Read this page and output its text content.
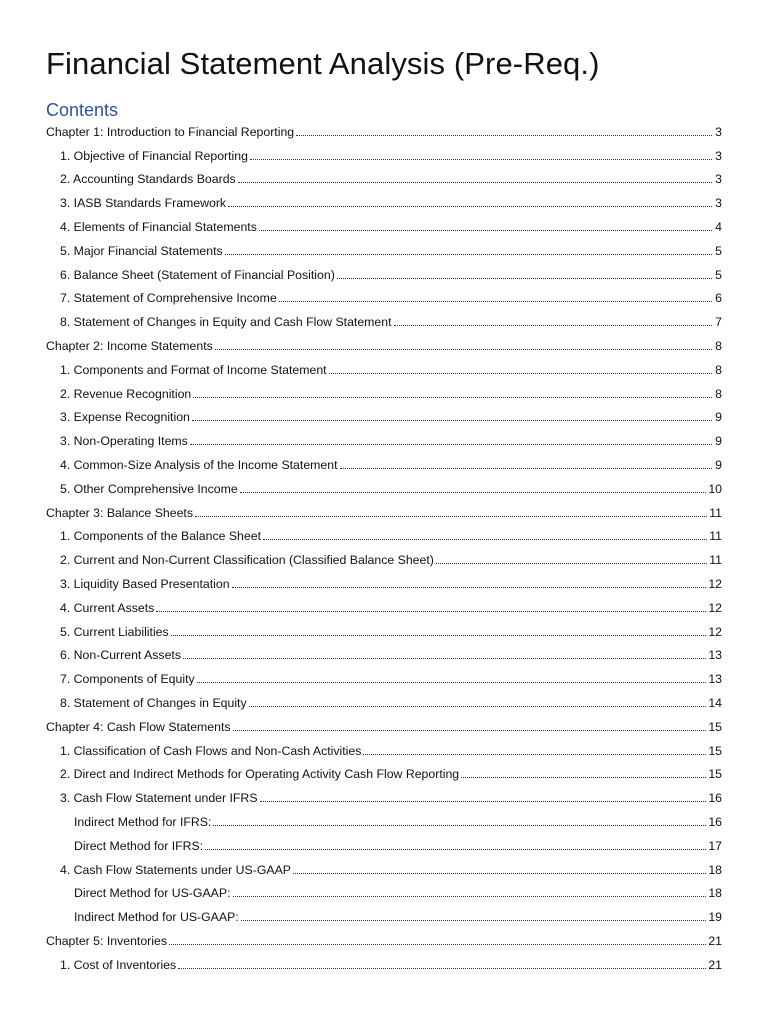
Financial Statement Analysis (Pre-Req.)
Contents
Chapter 1: Introduction to Financial Reporting	3
1. Objective of Financial Reporting	3
2. Accounting Standards Boards	3
3. IASB Standards Framework	3
4. Elements of Financial Statements	4
5. Major Financial Statements	5
6. Balance Sheet (Statement of Financial Position)	5
7. Statement of Comprehensive Income	6
8. Statement of Changes in Equity and Cash Flow Statement	7
Chapter 2: Income Statements	8
1. Components and Format of Income Statement	8
2. Revenue Recognition	8
3. Expense Recognition	9
3. Non-Operating Items	9
4. Common-Size Analysis of the Income Statement	9
5. Other Comprehensive Income	10
Chapter 3: Balance Sheets	11
1. Components of the Balance Sheet	11
2. Current and Non-Current Classification (Classified Balance Sheet)	11
3. Liquidity Based Presentation	12
4. Current Assets	12
5. Current Liabilities	12
6. Non-Current Assets	13
7. Components of Equity	13
8. Statement of Changes in Equity	14
Chapter 4: Cash Flow Statements	15
1. Classification of Cash Flows and Non-Cash Activities	15
2. Direct and Indirect Methods for Operating Activity Cash Flow Reporting	15
3. Cash Flow Statement under IFRS	16
Indirect Method for IFRS:	16
Direct Method for IFRS:	17
4. Cash Flow Statements under US-GAAP	18
Direct Method for US-GAAP:	18
Indirect Method for US-GAAP:	19
Chapter 5: Inventories	21
1. Cost of Inventories	21
